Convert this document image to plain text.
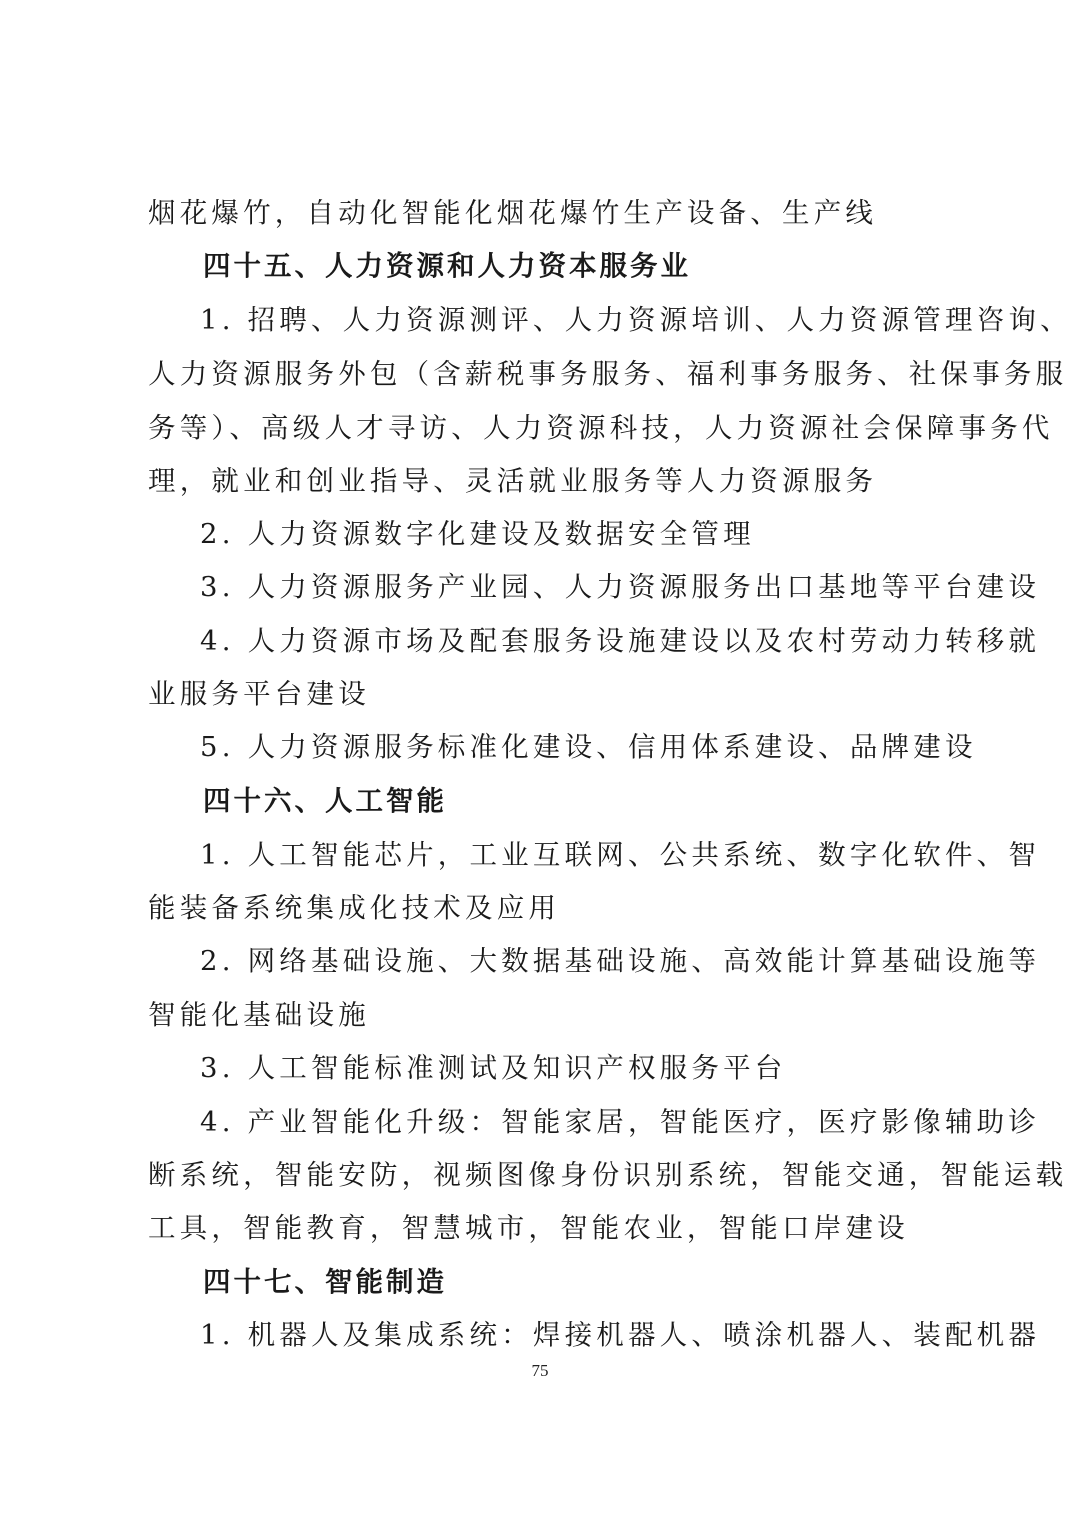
烟花爆竹，自动化智能化烟花爆竹生产设备、生产线
四十五、人力资源和人力资本服务业
1. 招聘、人力资源测评、人力资源培训、人力资源管理咨询、
人力资源服务外包（含薪税事务服务、福利事务服务、社保事务服
务等）、高级人才寻访、人力资源科技，人力资源社会保障事务代
理，就业和创业指导、灵活就业服务等人力资源服务
2. 人力资源数字化建设及数据安全管理
3. 人力资源服务产业园、人力资源服务出口基地等平台建设
4. 人力资源市场及配套服务设施建设以及农村劳动力转移就
业服务平台建设
5. 人力资源服务标准化建设、信用体系建设、品牌建设
四十六、人工智能
1. 人工智能芯片，工业互联网、公共系统、数字化软件、智
能装备系统集成化技术及应用
2. 网络基础设施、大数据基础设施、高效能计算基础设施等
智能化基础设施
3. 人工智能标准测试及知识产权服务平台
4. 产业智能化升级：智能家居，智能医疗，医疗影像辅助诊
断系统，智能安防，视频图像身份识别系统，智能交通，智能运载
工具，智能教育，智慧城市，智能农业，智能口岸建设
四十七、智能制造
1. 机器人及集成系统：焊接机器人、喷涂机器人、装配机器
75
